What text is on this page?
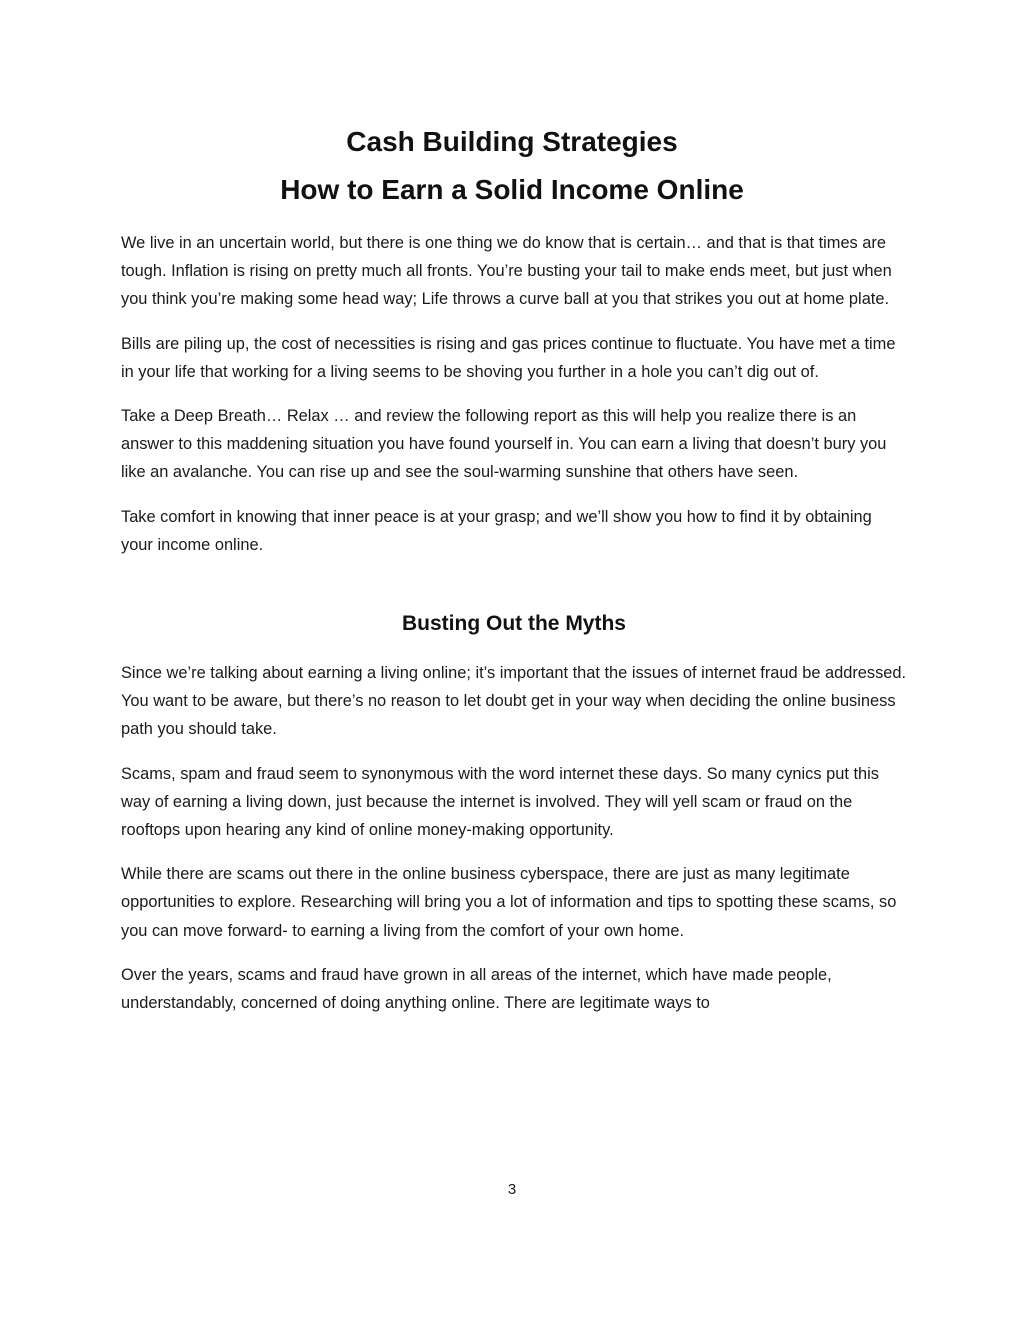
Cash Building Strategies
How to Earn a Solid Income Online

We live in an uncertain world, but there is one thing we do know that is certain… and that is that times are tough. Inflation is rising on pretty much all fronts. You’re busting your tail to make ends meet, but just when you think you’re making some head way; Life throws a curve ball at you that strikes you out at home plate.

Bills are piling up, the cost of necessities is rising and gas prices continue to fluctuate. You have met a time in your life that working for a living seems to be shoving you further in a hole you can’t dig out of.

Take a Deep Breath… Relax … and review the following report as this will help you realize there is an answer to this maddening situation you have found yourself in. You can earn a living that doesn’t bury you like an avalanche. You can rise up and see the soul-warming sunshine that others have seen.

Take comfort in knowing that inner peace is at your grasp; and we’ll show you how to find it by obtaining your income online.

Busting Out the Myths

Since we’re talking about earning a living online; it’s important that the issues of internet fraud be addressed. You want to be aware, but there’s no reason to let doubt get in your way when deciding the online business path you should take.

Scams, spam and fraud seem to synonymous with the word internet these days. So many cynics put this way of earning a living down, just because the internet is involved. They will yell scam or fraud on the rooftops upon hearing any kind of online money-making opportunity.

While there are scams out there in the online business cyberspace, there are just as many legitimate opportunities to explore. Researching will bring you a lot of information and tips to spotting these scams, so you can move forward- to earning a living from the comfort of your own home.

Over the years, scams and fraud have grown in all areas of the internet, which have made people, understandably, concerned of doing anything online. There are legitimate ways to

3
